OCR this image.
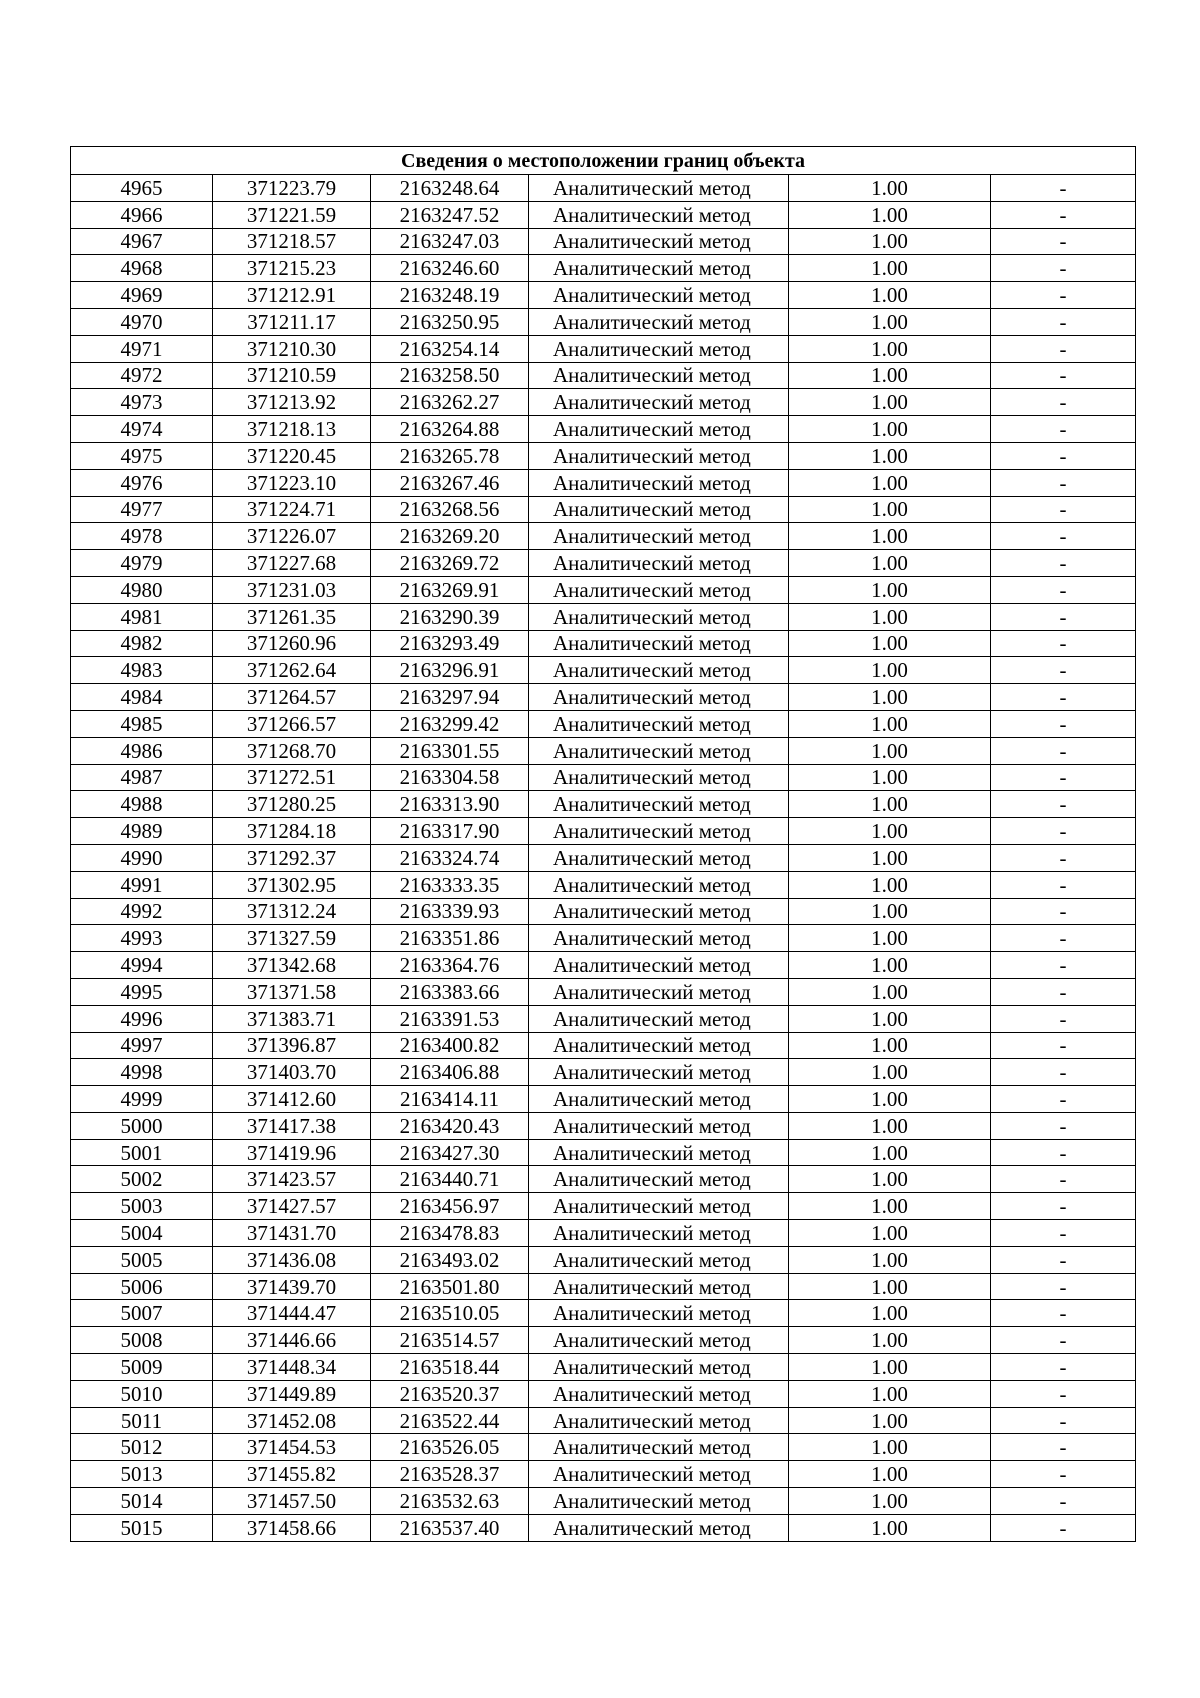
Сведения о местоположении границ объекта					
4965	371223.79	2163248.64	Аналитический метод	1.00	-
4966	371221.59	2163247.52	Аналитический метод	1.00	-
4967	371218.57	2163247.03	Аналитический метод	1.00	-
4968	371215.23	2163246.60	Аналитический метод	1.00	-
4969	371212.91	2163248.19	Аналитический метод	1.00	-
4970	371211.17	2163250.95	Аналитический метод	1.00	-
4971	371210.30	2163254.14	Аналитический метод	1.00	-
4972	371210.59	2163258.50	Аналитический метод	1.00	-
4973	371213.92	2163262.27	Аналитический метод	1.00	-
4974	371218.13	2163264.88	Аналитический метод	1.00	-
4975	371220.45	2163265.78	Аналитический метод	1.00	-
4976	371223.10	2163267.46	Аналитический метод	1.00	-
4977	371224.71	2163268.56	Аналитический метод	1.00	-
4978	371226.07	2163269.20	Аналитический метод	1.00	-
4979	371227.68	2163269.72	Аналитический метод	1.00	-
4980	371231.03	2163269.91	Аналитический метод	1.00	-
4981	371261.35	2163290.39	Аналитический метод	1.00	-
4982	371260.96	2163293.49	Аналитический метод	1.00	-
4983	371262.64	2163296.91	Аналитический метод	1.00	-
4984	371264.57	2163297.94	Аналитический метод	1.00	-
4985	371266.57	2163299.42	Аналитический метод	1.00	-
4986	371268.70	2163301.55	Аналитический метод	1.00	-
4987	371272.51	2163304.58	Аналитический метод	1.00	-
4988	371280.25	2163313.90	Аналитический метод	1.00	-
4989	371284.18	2163317.90	Аналитический метод	1.00	-
4990	371292.37	2163324.74	Аналитический метод	1.00	-
4991	371302.95	2163333.35	Аналитический метод	1.00	-
4992	371312.24	2163339.93	Аналитический метод	1.00	-
4993	371327.59	2163351.86	Аналитический метод	1.00	-
4994	371342.68	2163364.76	Аналитический метод	1.00	-
4995	371371.58	2163383.66	Аналитический метод	1.00	-
4996	371383.71	2163391.53	Аналитический метод	1.00	-
4997	371396.87	2163400.82	Аналитический метод	1.00	-
4998	371403.70	2163406.88	Аналитический метод	1.00	-
4999	371412.60	2163414.11	Аналитический метод	1.00	-
5000	371417.38	2163420.43	Аналитический метод	1.00	-
5001	371419.96	2163427.30	Аналитический метод	1.00	-
5002	371423.57	2163440.71	Аналитический метод	1.00	-
5003	371427.57	2163456.97	Аналитический метод	1.00	-
5004	371431.70	2163478.83	Аналитический метод	1.00	-
5005	371436.08	2163493.02	Аналитический метод	1.00	-
5006	371439.70	2163501.80	Аналитический метод	1.00	-
5007	371444.47	2163510.05	Аналитический метод	1.00	-
5008	371446.66	2163514.57	Аналитический метод	1.00	-
5009	371448.34	2163518.44	Аналитический метод	1.00	-
5010	371449.89	2163520.37	Аналитический метод	1.00	-
5011	371452.08	2163522.44	Аналитический метод	1.00	-
5012	371454.53	2163526.05	Аналитический метод	1.00	-
5013	371455.82	2163528.37	Аналитический метод	1.00	-
5014	371457.50	2163532.63	Аналитический метод	1.00	-
5015	371458.66	2163537.40	Аналитический метод	1.00	-
